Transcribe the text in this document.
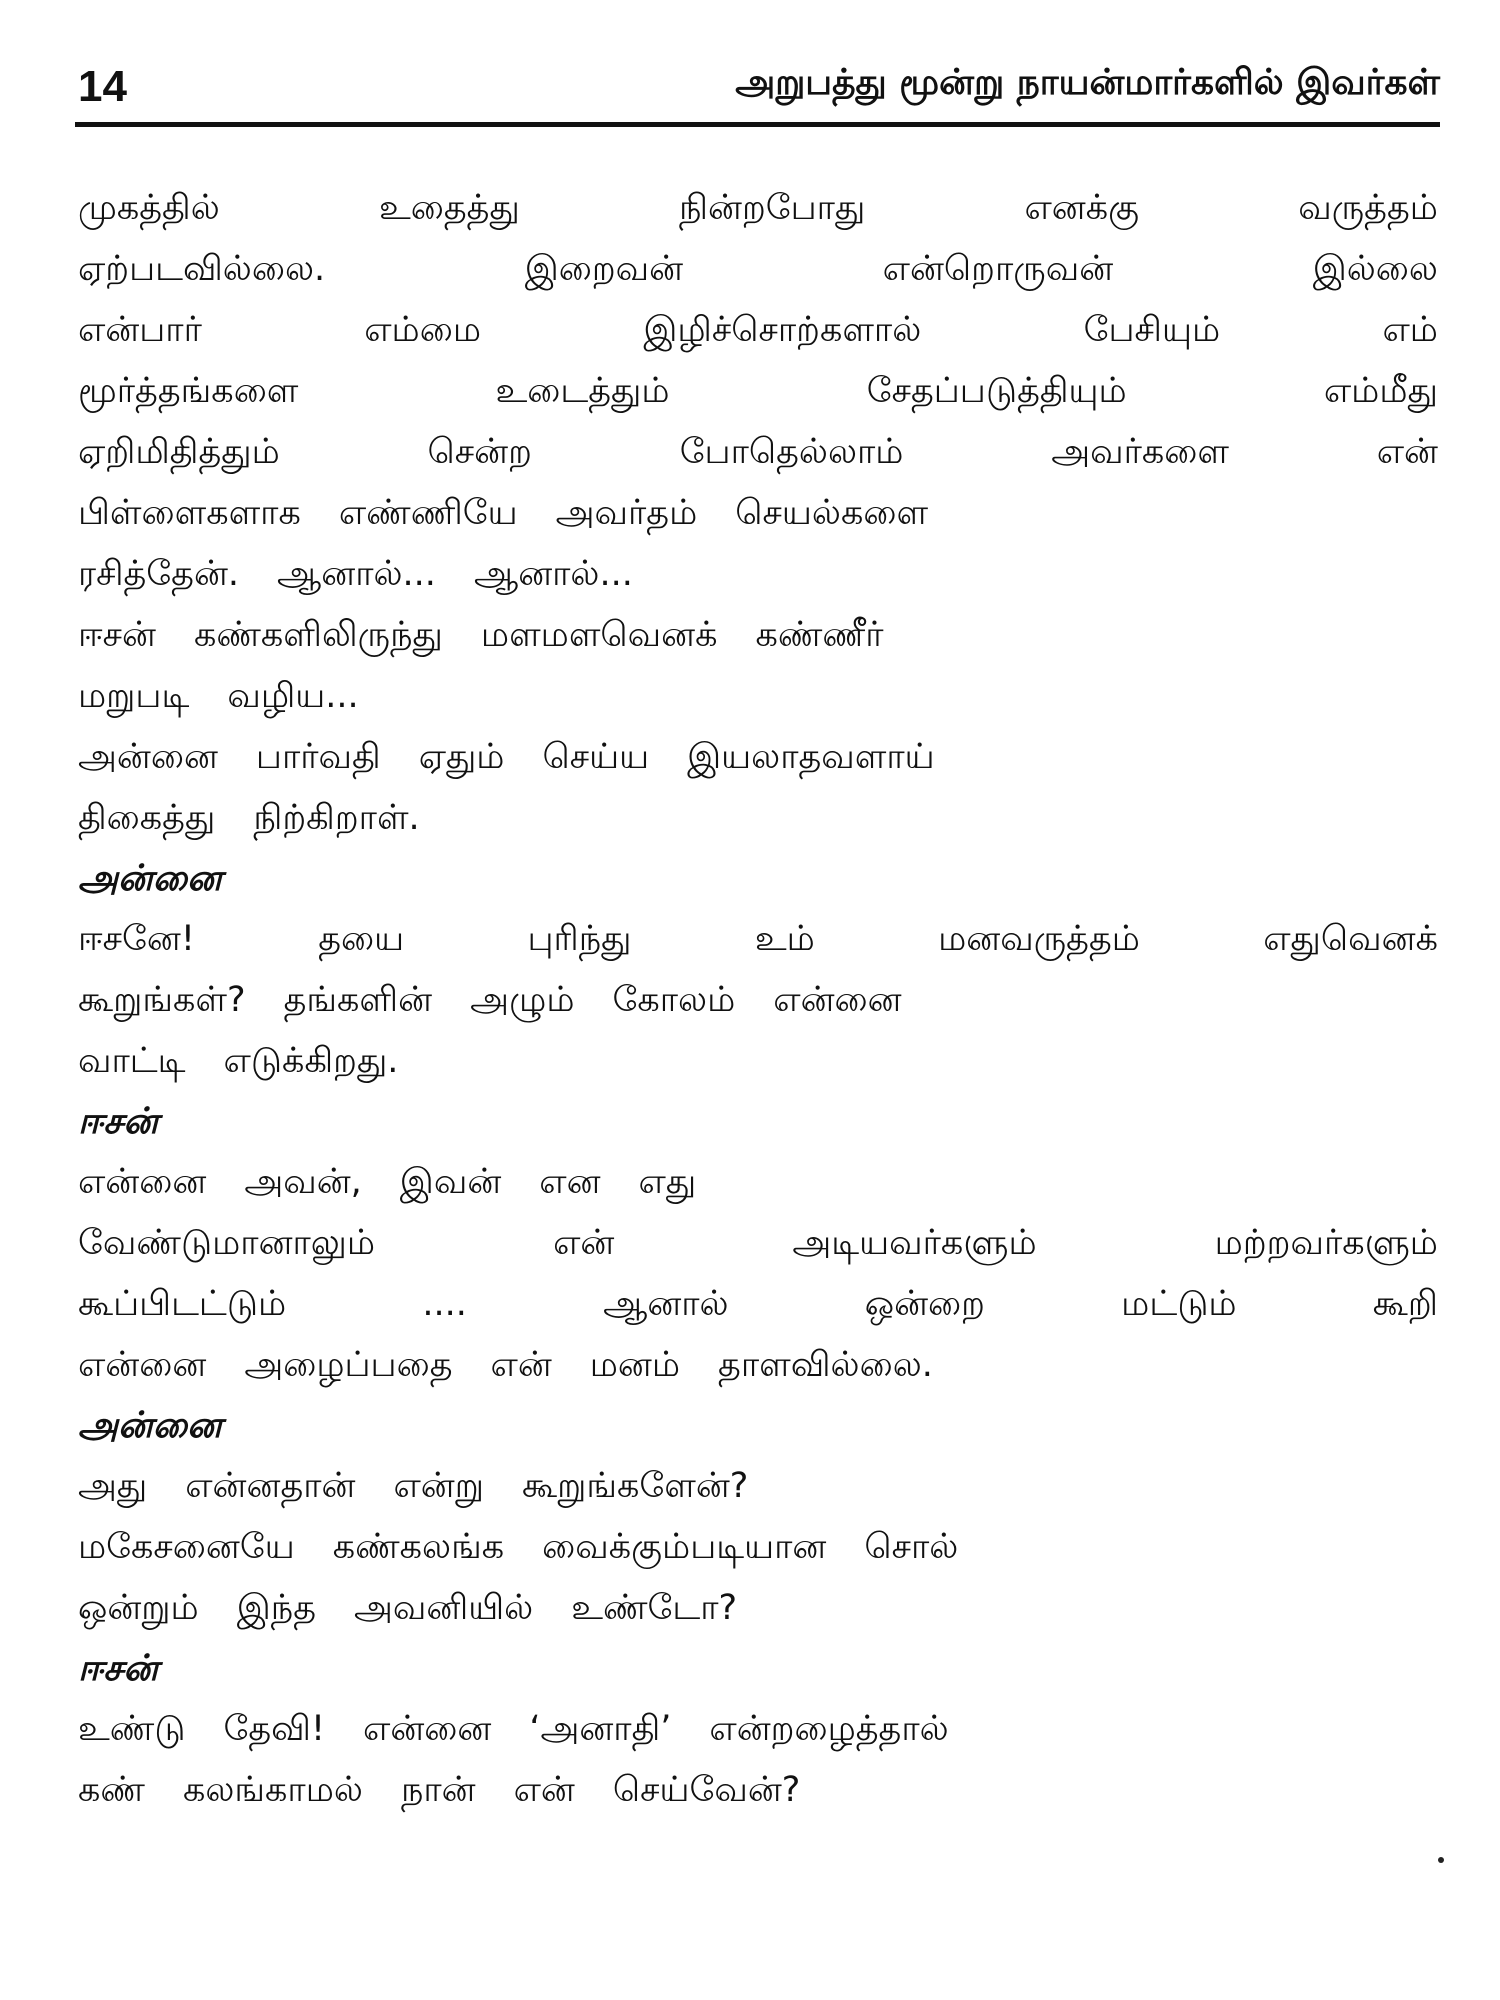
14	அறுபத்து மூன்று நாயன்மார்களில் இவர்கள்
முகத்தில்	உதைத்து	நின்றபோது	எனக்கு	வருத்தம்
ஏற்படவில்லை.	இறைவன்	என்றொருவன்	இல்லை
என்பார்	எம்மை	இழிச்சொற்களால்	பேசியும்	எம்
மூர்த்தங்களை	உடைத்தும்	சேதப்படுத்தியும்	எம்மீது
ஏறிமிதித்தும்	சென்ற	போதெல்லாம்	அவர்களை	என்
பிள்ளைகளாக எண்ணியே அவர்தம் செயல்களை
ரசித்தேன். ஆனால்... ஆனால்...
ஈசன் கண்களிலிருந்து மளமளவெனக் கண்ணீர்
மறுபடி வழிய...
அன்னை பார்வதி ஏதும் செய்ய இயலாதவளாய்
திகைத்து நிற்கிறாள்.
அன்னை
ஈசனே!	தயை	புரிந்து	உம்	மனவருத்தம்	எதுவெனக்
கூறுங்கள்? தங்களின் அழும் கோலம் என்னை
வாட்டி எடுக்கிறது.
ஈசன்
என்னை அவன், இவன் என எது
வேண்டுமானாலும்	என்	அடியவர்களும்	மற்றவர்களும்
கூப்பிடட்டும்	....	ஆனால்	ஒன்றை	மட்டும்	கூறி
என்னை அழைப்பதை என் மனம் தாளவில்லை.
அன்னை
அது என்னதான் என்று கூறுங்களேன்?
மகேசனையே கண்கலங்க வைக்கும்படியான சொல்
ஒன்றும் இந்த அவனியில் உண்டோ?
ஈசன்
உண்டு தேவி! என்னை ‘அனாதி’ என்றழைத்தால்
கண் கலங்காமல் நான் என் செய்வேன்?
